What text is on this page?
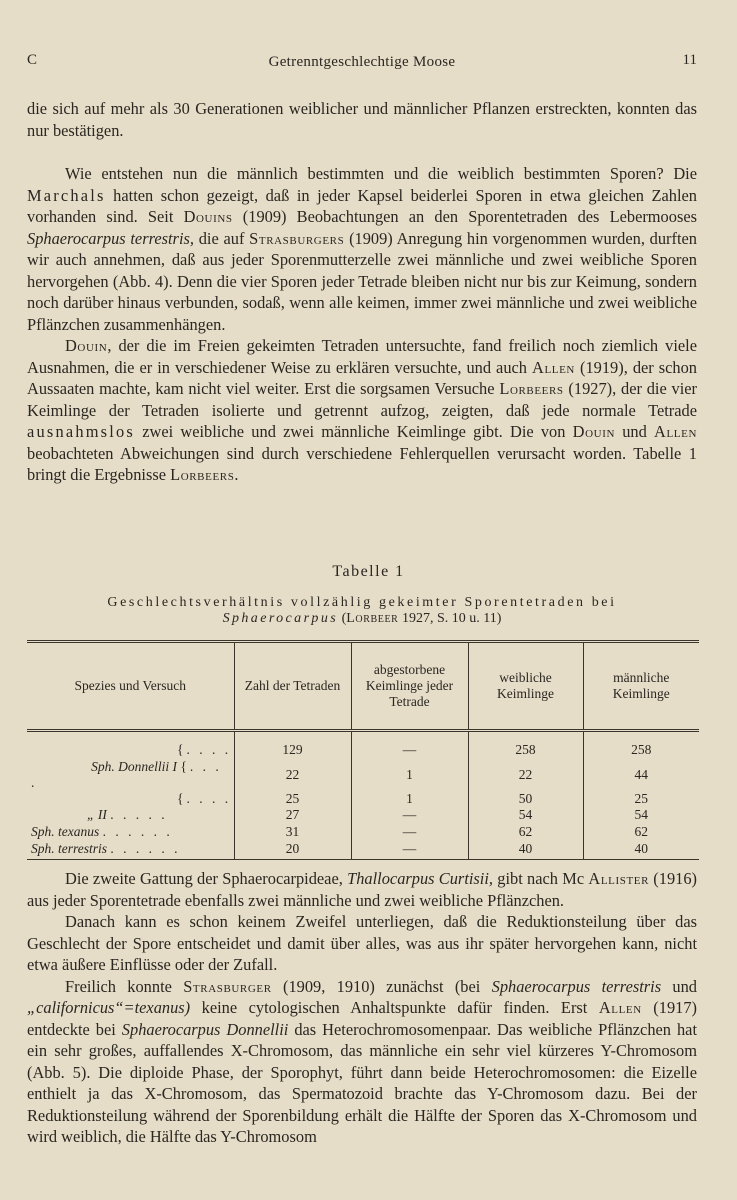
C	Getrenntgeschlechtige Moose	11

die sich auf mehr als 30 Generationen weiblicher und männlicher Pflanzen erstreckten, konnten das nur bestätigen.

Wie entstehen nun die männlich bestimmten und die weiblich bestimmten Sporen? Die Marchals hatten schon gezeigt, daß in jeder Kapsel beiderlei Sporen in etwa gleichen Zahlen vorhanden sind. Seit Douins (1909) Beobachtungen an den Sporentetraden des Lebermooses Sphaerocarpus terrestris, die auf Strasburgers (1909) Anregung hin vorgenommen wurden, durften wir auch annehmen, daß aus jeder Sporenmutterzelle zwei männliche und zwei weibliche Sporen hervorgehen (Abb. 4). Denn die vier Sporen jeder Tetrade bleiben nicht nur bis zur Keimung, sondern noch darüber hinaus verbunden, sodaß, wenn alle keimen, immer zwei männliche und zwei weibliche Pflänzchen zusammenhängen.

Douin, der die im Freien gekeimten Tetraden untersuchte, fand freilich noch ziemlich viele Ausnahmen, die er in verschiedener Weise zu erklären versuchte, und auch Allen (1919), der schon Aussaaten machte, kam nicht viel weiter. Erst die sorgsamen Versuche Lorbeers (1927), der die vier Keimlinge der Tetraden isolierte und getrennt aufzog, zeigten, daß jede normale Tetrade ausnahmslos zwei weibliche und zwei männliche Keimlinge gibt. Die von Douin und Allen beobachteten Abweichungen sind durch verschiedene Fehlerquellen verursacht worden. Tabelle 1 bringt die Ergebnisse Lorbeers.

Tabelle 1
Geschlechtsverhältnis vollzählig gekeimter Sporentetraden bei
Sphaerocarpus (Lorbeer 1927, S. 10 u. 11)
Spezies und Versuch	Zahl der Tetraden	abgestorbene Keimlinge jeder Tetrade	weibliche Keimlinge	männliche Keimlinge

{. . . .	129	—	258	258
Sph. Donnellii I {. . . .	22	1	22	44
{. . . .	25	1	50	25
„ II . . . . .	27	—	54	54
Sph. texanus . . . . . .	31	—	62	62
Sph. terrestris . . . . . .	20	—	40	40

Die zweite Gattung der Sphaerocarpideae, Thallocarpus Curtisii, gibt nach Mc Allister (1916) aus jeder Sporentetrade ebenfalls zwei männliche und zwei weibliche Pflänzchen.

Danach kann es schon keinem Zweifel unterliegen, daß die Reduktionsteilung über das Geschlecht der Spore entscheidet und damit über alles, was aus ihr später hervorgehen kann, nicht etwa äußere Einflüsse oder der Zufall.

Freilich konnte Strasburger (1909, 1910) zunächst (bei Sphaerocarpus terrestris und „californicus“=texanus) keine cytologischen Anhaltspunkte dafür finden. Erst Allen (1917) entdeckte bei Sphaerocarpus Donnellii das Heterochromosomenpaar. Das weibliche Pflänzchen hat ein sehr großes, auffallendes X-Chromosom, das männliche ein sehr viel kürzeres Y-Chromosom (Abb. 5). Die diploide Phase, der Sporophyt, führt dann beide Heterochromosomen: die Eizelle enthielt ja das X-Chromosom, das Spermatozoid brachte das Y-Chromosom dazu. Bei der Reduktionsteilung während der Sporenbildung erhält die Hälfte der Sporen das X-Chromosom und wird weiblich, die Hälfte das Y-Chromosom
